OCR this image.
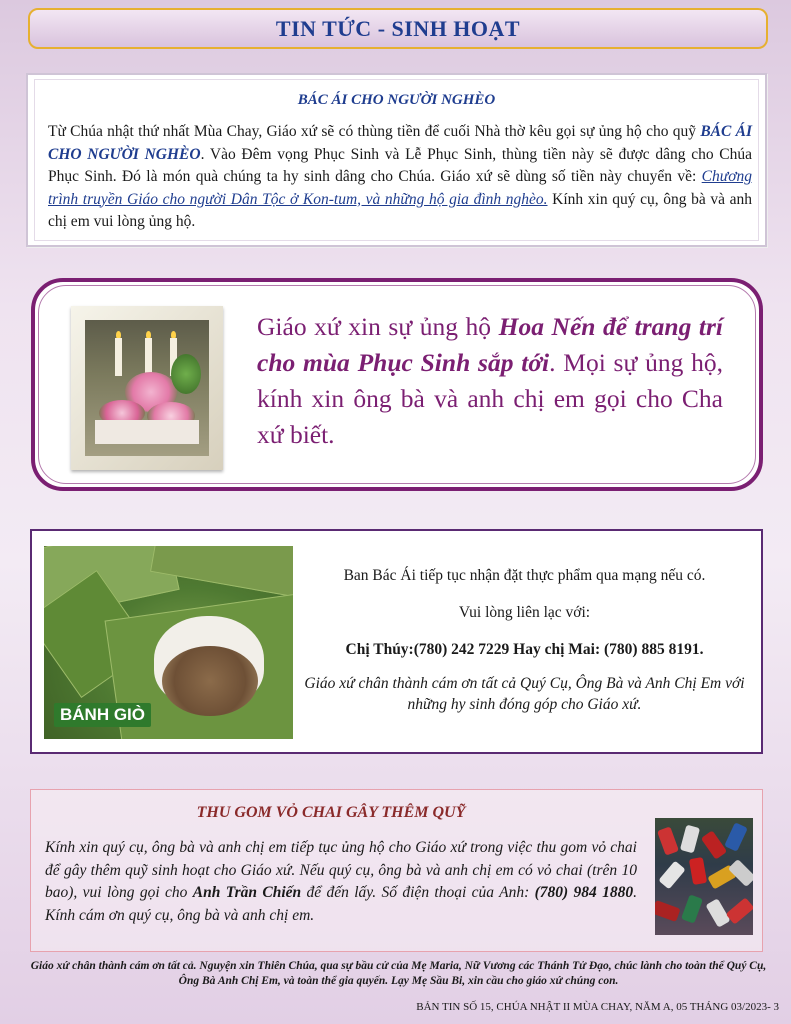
TIN TỨC - SINH HOẠT
BÁC ÁI CHO NGƯỜI NGHÈO

Từ Chúa nhật thứ nhất Mùa Chay, Giáo xứ sẽ có thùng tiền để cuối Nhà thờ kêu gọi sự ủng hộ cho quỹ BÁC ÁI CHO NGƯỜI NGHÈO. Vào Đêm vọng Phục Sinh và Lễ Phục Sinh, thùng tiền này sẽ được dâng cho Chúa Phục Sinh. Đó là món quà chúng ta hy sinh dâng cho Chúa. Giáo xứ sẽ dùng số tiền này chuyển về: Chương trình truyền Giáo cho người Dân Tộc ở Kon-tum, và những hộ gia đình nghèo. Kính xin quý cụ, ông bà và anh chị em vui lòng ủng hộ.

Giáo xứ xin sự ủng hộ Hoa Nến để trang trí cho mùa Phục Sinh sắp tới. Mọi sự ủng hộ, kính xin ông bà và anh chị em gọi cho Cha xứ biết.
BÁNH GIÒ
Ban Bác Ái tiếp tục nhận đặt thực phẩm qua mạng nếu có.
Vui lòng liên lạc với:
Chị Thúy:(780) 242 7229 Hay chị Mai: (780) 885 8191.
Giáo xứ chân thành cám ơn tất cả Quý Cụ, Ông Bà và Anh Chị Em với những hy sinh đóng góp cho Giáo xứ.
THU GOM VỎ CHAI GÂY THÊM QUỸ

Kính xin quý cụ, ông bà và anh chị em tiếp tục ủng hộ cho Giáo xứ trong việc thu gom vỏ chai để gây thêm quỹ sinh hoạt cho Giáo xứ. Nếu quý cụ, ông bà và anh chị em có vỏ chai (trên 10 bao), vui lòng gọi cho Anh Trần Chiến để đến lấy. Số điện thoại của Anh: (780) 984 1880. Kính cám ơn quý cụ, ông bà và anh chị em.

Giáo xứ chân thành cám ơn tất cả. Nguyện xin Thiên Chúa, qua sự bầu cử của Mẹ Maria, Nữ Vương các Thánh Tử Đạo, chúc lành cho toàn thể Quý Cụ, Ông Bà Anh Chị Em, và toàn thể gia quyến. Lạy Mẹ Sầu Bi, xin cầu cho giáo xứ chúng con.
BẢN TIN SỐ 15, CHÚA NHẬT II MÙA CHAY, NĂM A, 05 THÁNG 03/2023- 3
